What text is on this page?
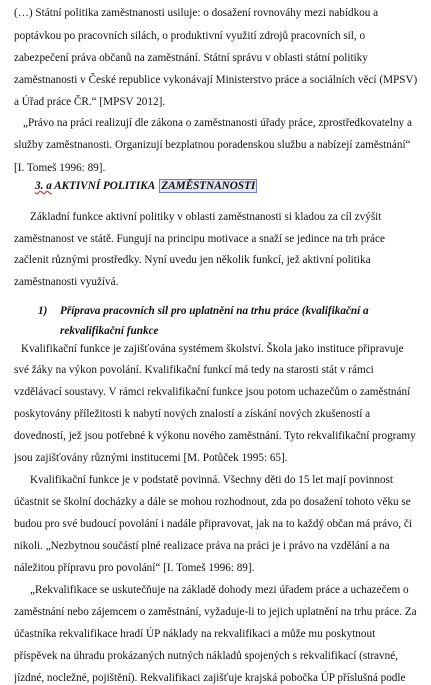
(…) Státní politika zaměstnanosti usiluje: o dosažení rovnováhy mezi nabídkou a
poptávkou po pracovních silách, o produktivní využití zdrojů pracovních sil, o
zabezpečení práva občanů na zaměstnání. Státní správu v oblasti státní politiky
zaměstnanosti v České republice vykonávají Ministerstvo práce a sociálních věcí (MPSV)
a Úřad práce ČR.“ [MPSV 2012].
„Právo na práci realizují dle zákona o zaměstnanosti úřady práce, zprostředkovatelny a
služby zaměstnanosti. Organizují bezplatnou poradenskou službu a nabízejí zaměstnání“
[I. Tomeš 1996: 89].
3. a AKTIVNÍ POLITIKA ZAMĚSTNANOSTI
Základní funkce aktivní politiky v oblasti zaměstnanosti si kladou za cíl zvýšit
zaměstnanost ve státě. Fungují na principu motivace a snaží se jedince na trh práce
začlenit různými prostředky. Nyní uvedu jen několik funkcí, jež aktivní politika
zaměstnanosti využívá.
1) Příprava pracovních sil pro uplatnění na trhu práce (kvalifikační a
rekvalifikační funkce
Kvalifikační funkce je zajišťována systémem školství. Škola jako instituce připravuje
své žáky na výkon povolání. Kvalifikační funkcí má tedy na starosti stát v rámci
vzdělávací soustavy. V rámci rekvalifikační funkce jsou potom uchazečům o zaměstnání
poskytovány příležitosti k nabytí nových znalostí a získání nových zkušeností a
dovedností, jež jsou potřebné k výkonu nového zaměstnání. Tyto rekvalifikační programy
jsou zajišťovány různými institucemi [M. Potůček 1995: 65].
Kvalifikační funkce je v podstatě povinná. Všechny děti do 15 let mají povinnost
účastnit se školní docházky a dále se mohou rozhodnout, zda po dosažení tohoto věku se
budou pro své budoucí povolání i nadále připravovat, jak na to každý občan má právo, či
nikoli. „Nezbytnou součástí plné realizace práva na práci je i právo na vzdělání a na
náležitou přípravu pro povolání“ [I. Tomeš 1996: 89].
„Rekvalifikace se uskutečňuje na základě dohody mezi úřadem práce a uchazečem o
zaměstnání nebo zájemcem o zaměstnání, vyžaduje-li to jejich uplatnění na trhu práce. Za
účastníka rekvalifikace hradí ÚP náklady na rekvalifikaci a může mu poskytnout
příspěvek na úhradu prokázaných nutných nákladů spojených s rekvalifikací (stravné,
jízdné, nocležné, pojištění). Rekvalifikaci zajišťuje krajská pobočka ÚP příslušná podle
